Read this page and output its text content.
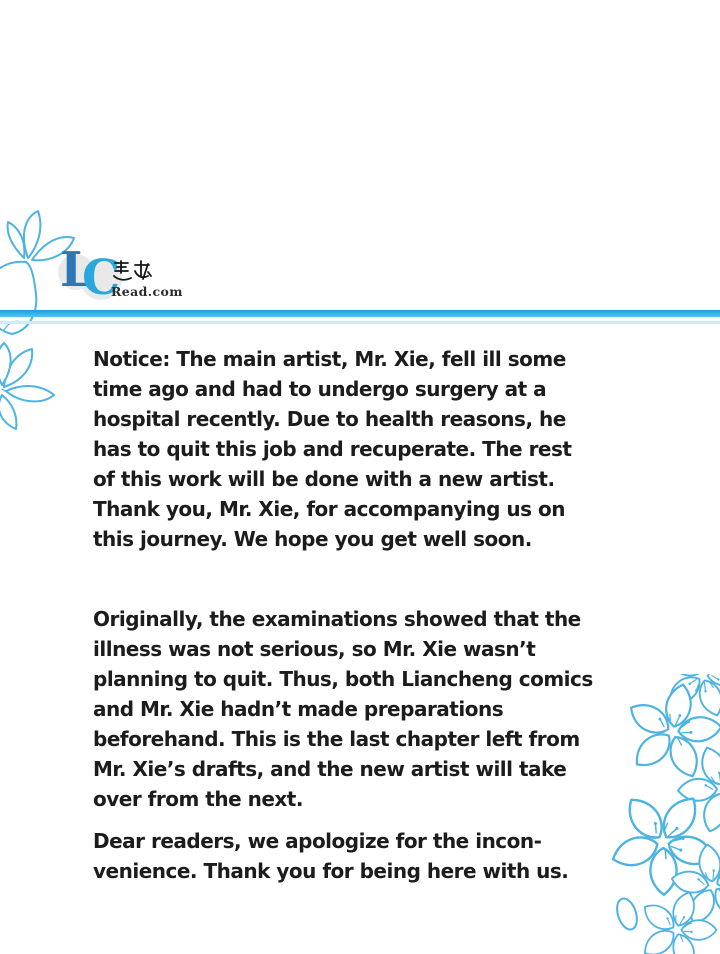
L
C
Read.com
Notice: The main artist, Mr. Xie, fell ill some
time ago and had to undergo surgery at a
hospital recently. Due to health reasons, he
has to quit this job and recuperate. The rest
of this work will be done with a new artist.
Thank you, Mr. Xie, for accompanying us on
this journey. We hope you get well soon.
Originally, the examinations showed that the
illness was not serious, so Mr. Xie wasn’t
planning to quit. Thus, both Liancheng comics
and Mr. Xie hadn’t made preparations
beforehand. This is the last chapter left from
Mr. Xie’s drafts, and the new artist will take
over from the next.
Dear readers, we apologize for the incon-
venience. Thank you for being here with us.
